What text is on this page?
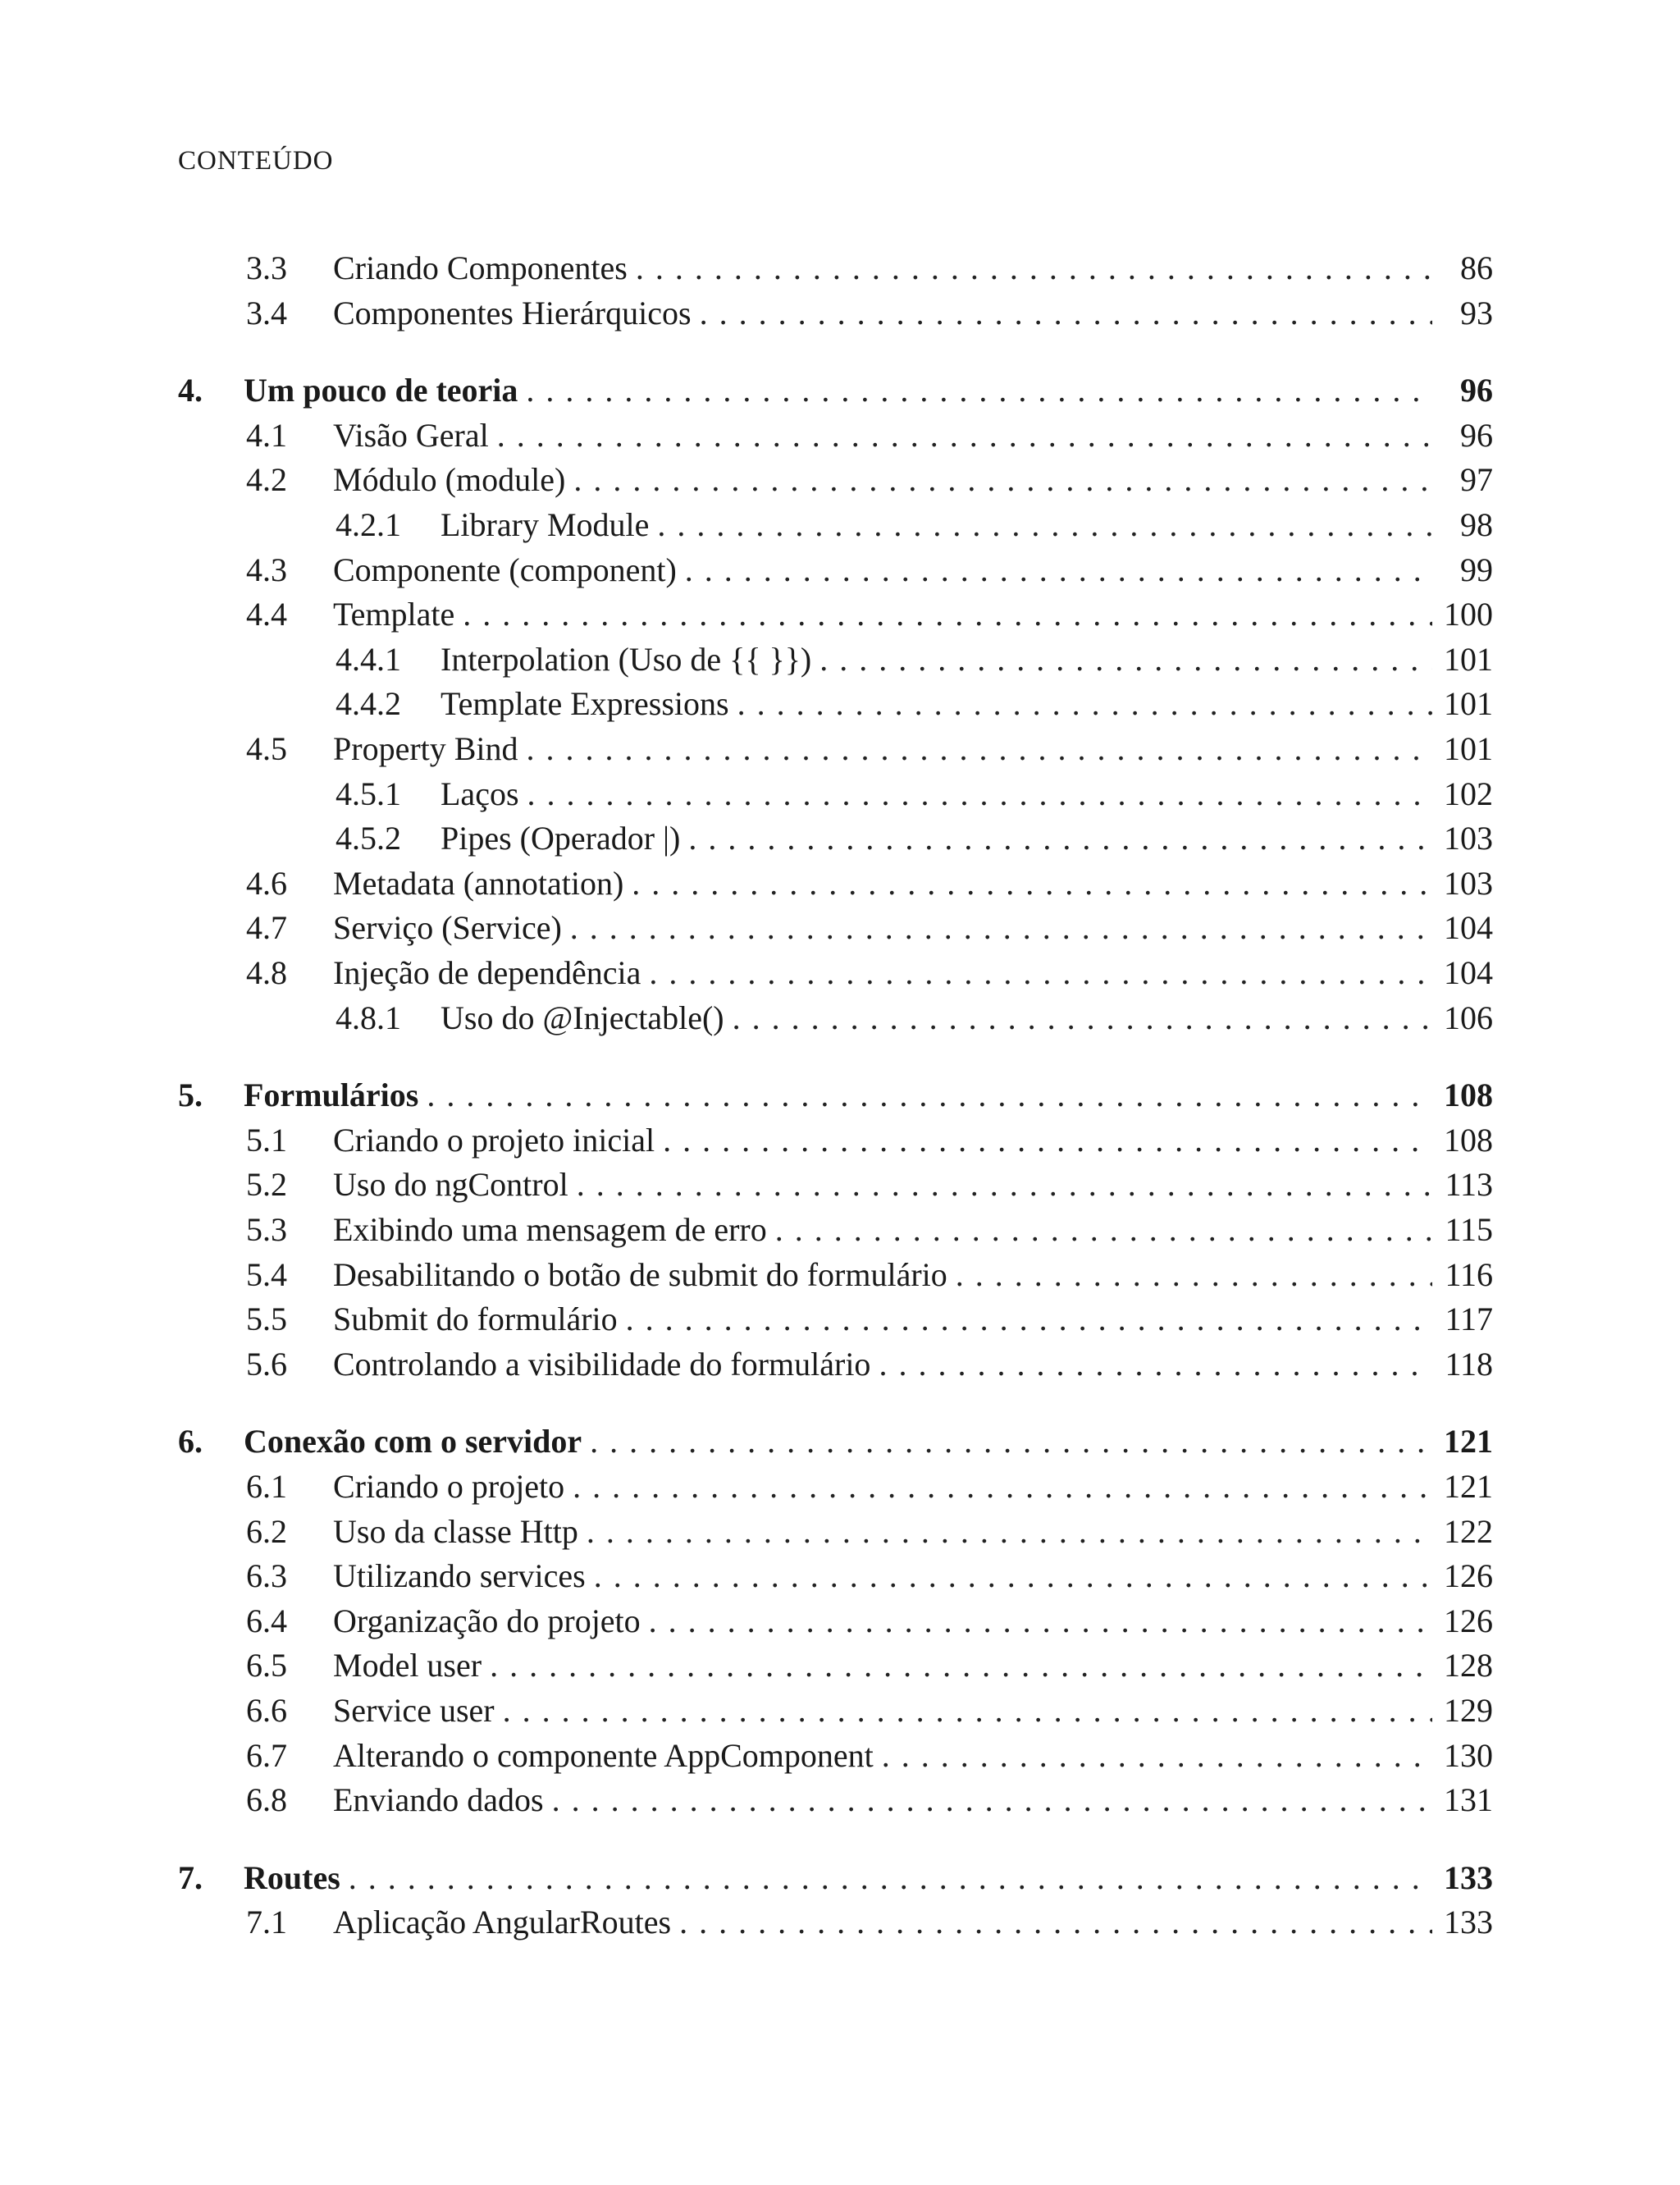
CONTEÚDO
3.3	Criando Componentes . . .	86
3.4	Componentes Hierárquicos . . .	93
4.	Um pouco de teoria . . .	96
4.1	Visão Geral . . .	96
4.2	Módulo (module) . . .	97
4.2.1	Library Module . . .	98
4.3	Componente (component) . . .	99
4.4	Template . . .	100
4.4.1	Interpolation (Uso de {{ }}) . . .	101
4.4.2	Template Expressions . . .	101
4.5	Property Bind . . .	101
4.5.1	Laços . . .	102
4.5.2	Pipes (Operador |) . . .	103
4.6	Metadata (annotation) . . .	103
4.7	Serviço (Service) . . .	104
4.8	Injeção de dependência . . .	104
4.8.1	Uso do @Injectable() . . .	106
5.	Formulários . . .	108
5.1	Criando o projeto inicial . . .	108
5.2	Uso do ngControl . . .	113
5.3	Exibindo uma mensagem de erro . . .	115
5.4	Desabilitando o botão de submit do formulário . . .	116
5.5	Submit do formulário . . .	117
5.6	Controlando a visibilidade do formulário . . .	118
6.	Conexão com o servidor . . .	121
6.1	Criando o projeto . . .	121
6.2	Uso da classe Http . . .	122
6.3	Utilizando services . . .	126
6.4	Organização do projeto . . .	126
6.5	Model user . . .	128
6.6	Service user . . .	129
6.7	Alterando o componente AppComponent . . .	130
6.8	Enviando dados . . .	131
7.	Routes . . .	133
7.1	Aplicação AngularRoutes . . .	133
